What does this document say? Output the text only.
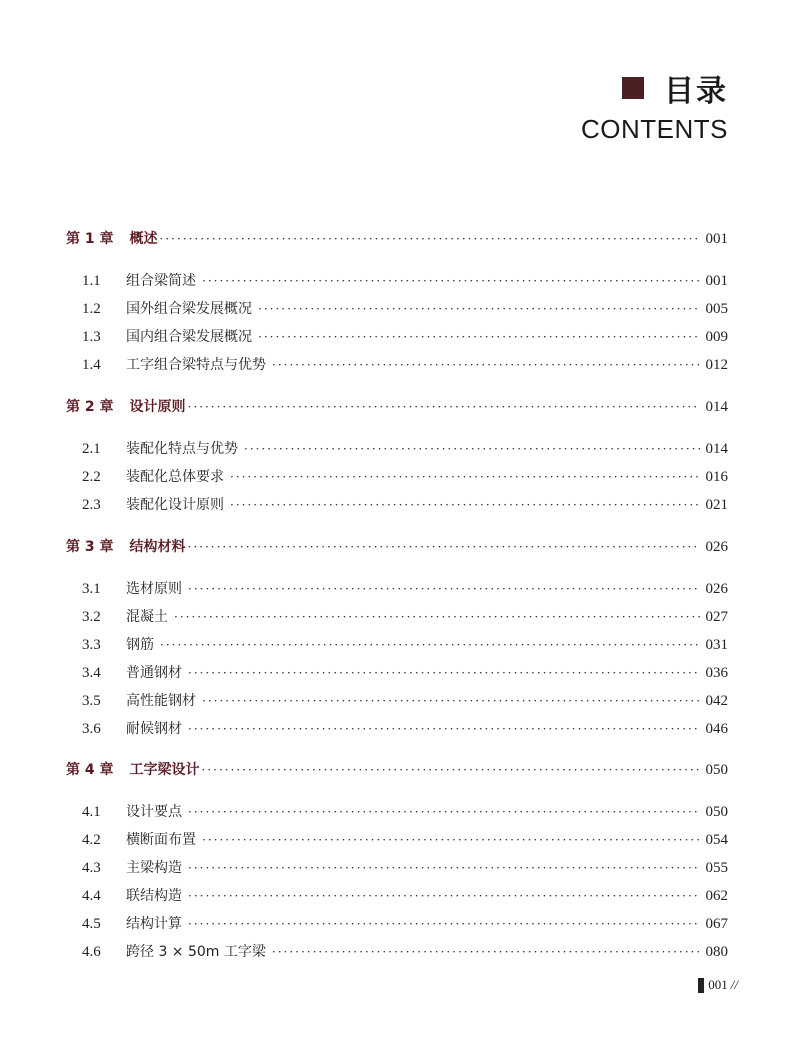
目录
CONTENTS
第 1 章 概述 ·····	001
1.1	组合梁简述 ·····	001
1.2	国外组合梁发展概况 ·····	005
1.3	国内组合梁发展概况 ·····	009
1.4	工字组合梁特点与优势 ·····	012
第 2 章 设计原则 ·····	014
2.1	装配化特点与优势 ·····	014
2.2	装配化总体要求 ·····	016
2.3	装配化设计原则 ·····	021
第 3 章 结构材料 ·····	026
3.1	选材原则 ·····	026
3.2	混凝土 ·····	027
3.3	钢筋 ·····	031
3.4	普通钢材 ·····	036
3.5	高性能钢材 ·····	042
3.6	耐候钢材 ·····	046
第 4 章 工字梁设计 ·····	050
4.1	设计要点 ·····	050
4.2	横断面布置 ·····	054
4.3	主梁构造 ·····	055
4.4	联结构造 ·····	062
4.5	结构计算 ·····	067
4.6	跨径 3 × 50m 工字梁 ·····	080
001 //
